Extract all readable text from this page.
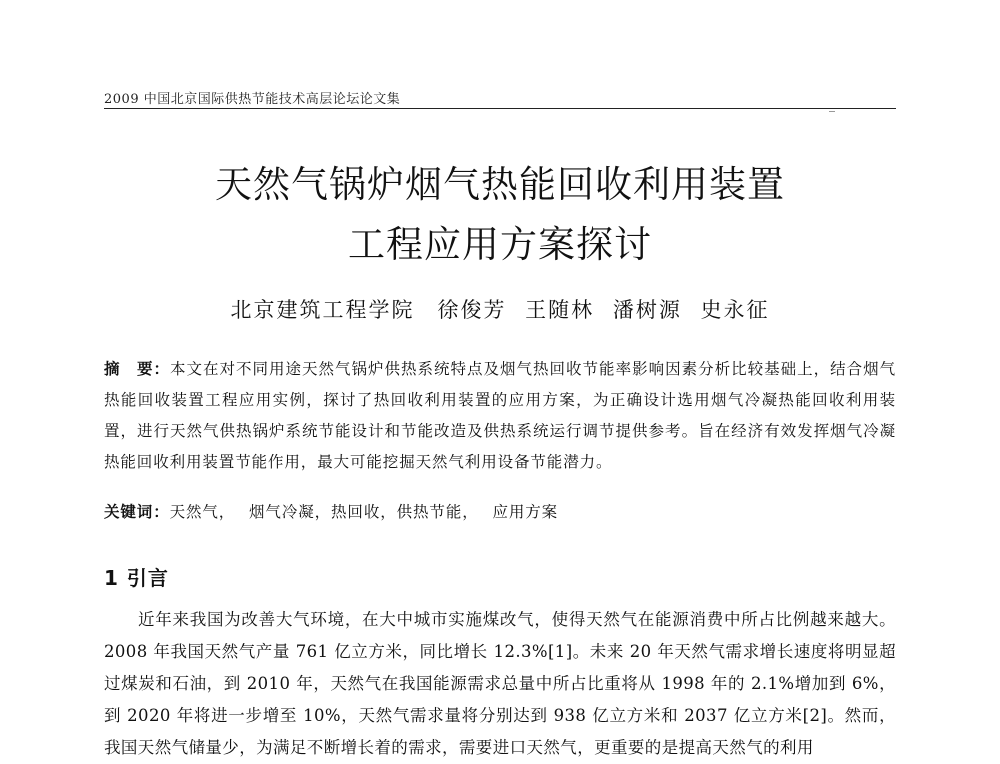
2009 中国北京国际供热节能技术高层论坛论文集
天然气锅炉烟气热能回收利用装置
工程应用方案探讨
北京建筑工程学院　徐俊芳 王随林 潘树源 史永征
摘　要：本文在对不同用途天然气锅炉供热系统特点及烟气热回收节能率影响因素分析比较基础上，结合烟气热能回收装置工程应用实例，探讨了热回收利用装置的应用方案，为正确设计选用烟气冷凝热能回收利用装置，进行天然气供热锅炉系统节能设计和节能改造及供热系统运行调节提供参考。旨在经济有效发挥烟气冷凝热能回收利用装置节能作用，最大可能挖掘天然气利用设备节能潜力。
关键词：天然气， 烟气冷凝，热回收，供热节能， 应用方案
1 引言

近年来我国为改善大气环境，在大中城市实施煤改气，使得天然气在能源消费中所占比例越来越大。2008 年我国天然气产量 761 亿立方米，同比增长 12.3%[1]。未来 20 年天然气需求增长速度将明显超过煤炭和石油，到 2010 年，天然气在我国能源需求总量中所占比重将从 1998 年的 2.1%增加到 6%，到 2020 年将进一步增至 10%，天然气需求量将分别达到 938 亿立方米和 2037 亿立方米[2]。然而，我国天然气储量少，为满足不断增长着的需求，需要进口天然气，更重要的是提高天然气的利用
